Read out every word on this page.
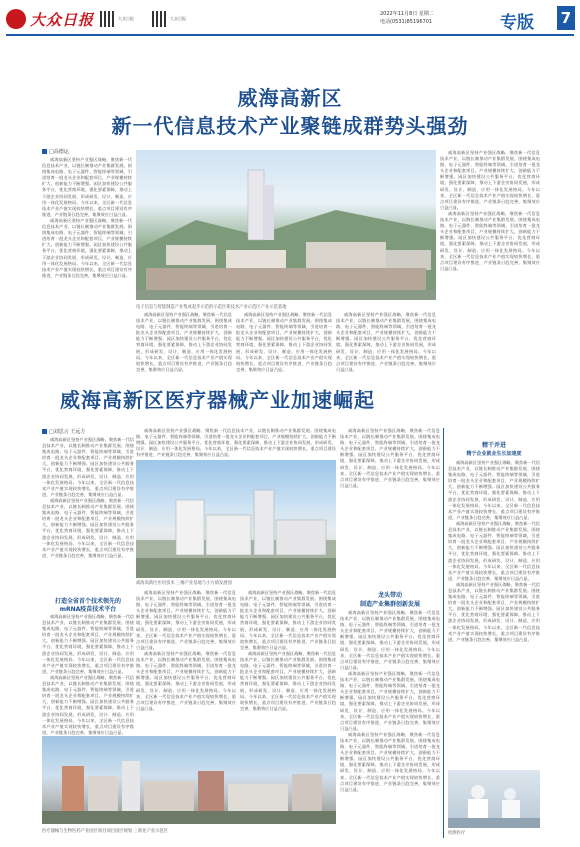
大众日报	大众日报	大众日报
2022年11月8日 星期二
电话(0531)85196701	专版 7
威海高新区
新一代信息技术产业聚链成群势头强劲
□高德运

威海高新区坚持产业强区战略，聚焦新一代信息技术产业，以链长制推动产业集群发展。围绕集成电路、电子元器件、智能终端等领域，引进培育一批龙头企业和配套项目，产业规模持续扩大，创新能力不断增强。园区加快建设公共服务平台，优化营商环境，强化要素保障，推动上下游企业协同发展，形成研发、设计、制造、应用一体化发展格局。今年以来，全区新一代信息技术产业产值实现较快增长，重点项目建设有序推进，产业链条日趋完善，集聚效应日益凸显。

威海高新区坚持产业强区战略，聚焦新一代信息技术产业，以链长制推动产业集群发展。围绕集成电路、电子元器件、智能终端等领域，引进培育一批龙头企业和配套项目，产业规模持续扩大，创新能力不断增强。园区加快建设公共服务平台，优化营商环境，强化要素保障，推动上下游企业协同发展，形成研发、设计、制造、应用一体化发展格局。今年以来，全区新一代信息技术产业产值实现较快增长，重点项目建设有序推进，产业链条日趋完善，集聚效应日益凸显。

电子信息与智能制造产业集成起步示范的示范区新技术产业示范区产业示范基地

威海高新区坚持产业强区战略，聚焦新一代信息技术产业，以链长制推动产业集群发展。围绕集成电路、电子元器件、智能终端等领域，引进培育一批龙头企业和配套项目，产业规模持续扩大，创新能力不断增强。园区加快建设公共服务平台，优化营商环境，强化要素保障，推动上下游企业协同发展，形成研发、设计、制造、应用一体化发展格局。今年以来，全区新一代信息技术产业产值实现较快增长，重点项目建设有序推进，产业链条日趋完善，集聚效应日益凸显。

威海高新区坚持产业强区战略，聚焦新一代信息技术产业，以链长制推动产业集群发展。围绕集成电路、电子元器件、智能终端等领域，引进培育一批龙头企业和配套项目，产业规模持续扩大，创新能力不断增强。园区加快建设公共服务平台，优化营商环境，强化要素保障，推动上下游企业协同发展，形成研发、设计、制造、应用一体化发展格局。今年以来，全区新一代信息技术产业产值实现较快增长，重点项目建设有序推进，产业链条日趋完善，集聚效应日益凸显。

威海高新区坚持产业强区战略，聚焦新一代信息技术产业，以链长制推动产业集群发展。围绕集成电路、电子元器件、智能终端等领域，引进培育一批龙头企业和配套项目，产业规模持续扩大，创新能力不断增强。园区加快建设公共服务平台，优化营商环境，强化要素保障，推动上下游企业协同发展，形成研发、设计、制造、应用一体化发展格局。今年以来，全区新一代信息技术产业产值实现较快增长，重点项目建设有序推进，产业链条日趋完善，集聚效应日益凸显。

威海高新区坚持产业强区战略，聚焦新一代信息技术产业，以链长制推动产业集群发展。围绕集成电路、电子元器件、智能终端等领域，引进培育一批龙头企业和配套项目，产业规模持续扩大，创新能力不断增强。园区加快建设公共服务平台，优化营商环境，强化要素保障，推动上下游企业协同发展，形成研发、设计、制造、应用一体化发展格局。今年以来，全区新一代信息技术产业产值实现较快增长，重点项目建设有序推进，产业链条日趋完善，集聚效应日益凸显。

威海高新区坚持产业强区战略，聚焦新一代信息技术产业，以链长制推动产业集群发展。围绕集成电路、电子元器件、智能终端等领域，引进培育一批龙头企业和配套项目，产业规模持续扩大，创新能力不断增强。园区加快建设公共服务平台，优化营商环境，强化要素保障，推动上下游企业协同发展，形成研发、设计、制造、应用一体化发展格局。今年以来，全区新一代信息技术产业产值实现较快增长，重点项目建设有序推进，产业链条日趋完善，集聚效应日益凸显。

威海高新区医疗器械产业加速崛起
□刘思言 王远方

威海高新区坚持产业强区战略，聚焦新一代信息技术产业，以链长制推动产业集群发展。围绕集成电路、电子元器件、智能终端等领域，引进培育一批龙头企业和配套项目，产业规模持续扩大，创新能力不断增强。园区加快建设公共服务平台，优化营商环境，强化要素保障，推动上下游企业协同发展，形成研发、设计、制造、应用一体化发展格局。今年以来，全区新一代信息技术产业产值实现较快增长，重点项目建设有序推进，产业链条日趋完善，集聚效应日益凸显。

威海高新区坚持产业强区战略，聚焦新一代信息技术产业，以链长制推动产业集群发展。围绕集成电路、电子元器件、智能终端等领域，引进培育一批龙头企业和配套项目，产业规模持续扩大，创新能力不断增强。园区加快建设公共服务平台，优化营商环境，强化要素保障，推动上下游企业协同发展，形成研发、设计、制造、应用一体化发展格局。今年以来，全区新一代信息技术产业产值实现较快增长，重点项目建设有序推进，产业链条日趋完善，集聚效应日益凸显。

威海高新区医用技术 三橡产业基地与小方镇发展园

威海高新区坚持产业强区战略，聚焦新一代信息技术产业，以链长制推动产业集群发展。围绕集成电路、电子元器件、智能终端等领域，引进培育一批龙头企业和配套项目，产业规模持续扩大，创新能力不断增强。园区加快建设公共服务平台，优化营商环境，强化要素保障，推动上下游企业协同发展，形成研发、设计、制造、应用一体化发展格局。今年以来，全区新一代信息技术产业产值实现较快增长，重点项目建设有序推进，产业链条日趋完善，集聚效应日益凸显。

威海高新区坚持产业强区战略，聚焦新一代信息技术产业，以链长制推动产业集群发展。围绕集成电路、电子元器件、智能终端等领域，引进培育一批龙头企业和配套项目，产业规模持续扩大，创新能力不断增强。园区加快建设公共服务平台，优化营商环境，强化要素保障，推动上下游企业协同发展，形成研发、设计、制造、应用一体化发展格局。今年以来，全区新一代信息技术产业产值实现较快增长，重点项目建设有序推进，产业链条日趋完善，集聚效应日益凸显。

打造全省首个技术领先的
mRNA疫苗技术平台

威海高新区坚持产业强区战略，聚焦新一代信息技术产业，以链长制推动产业集群发展。围绕集成电路、电子元器件、智能终端等领域，引进培育一批龙头企业和配套项目，产业规模持续扩大，创新能力不断增强。园区加快建设公共服务平台，优化营商环境，强化要素保障，推动上下游企业协同发展，形成研发、设计、制造、应用一体化发展格局。今年以来，全区新一代信息技术产业产值实现较快增长，重点项目建设有序推进，产业链条日趋完善，集聚效应日益凸显。

威海高新区坚持产业强区战略，聚焦新一代信息技术产业，以链长制推动产业集群发展。围绕集成电路、电子元器件、智能终端等领域，引进培育一批龙头企业和配套项目，产业规模持续扩大，创新能力不断增强。园区加快建设公共服务平台，优化营商环境，强化要素保障，推动上下游企业协同发展，形成研发、设计、制造、应用一体化发展格局。今年以来，全区新一代信息技术产业产值实现较快增长，重点项目建设有序推进，产业链条日趋完善，集聚效应日益凸显。

威海高新区坚持产业强区战略，聚焦新一代信息技术产业，以链长制推动产业集群发展。围绕集成电路、电子元器件、智能终端等领域，引进培育一批龙头企业和配套项目，产业规模持续扩大，创新能力不断增强。园区加快建设公共服务平台，优化营商环境，强化要素保障，推动上下游企业协同发展，形成研发、设计、制造、应用一体化发展格局。今年以来，全区新一代信息技术产业产值实现较快增长，重点项目建设有序推进，产业链条日趋完善，集聚效应日益凸显。

威海高新区坚持产业强区战略，聚焦新一代信息技术产业，以链长制推动产业集群发展。围绕集成电路、电子元器件、智能终端等领域，引进培育一批龙头企业和配套项目，产业规模持续扩大，创新能力不断增强。园区加快建设公共服务平台，优化营商环境，强化要素保障，推动上下游企业协同发展，形成研发、设计、制造、应用一体化发展格局。今年以来，全区新一代信息技术产业产值实现较快增长，重点项目建设有序推进，产业链条日趋完善，集聚效应日益凸显。

威海高新区坚持产业强区战略，聚焦新一代信息技术产业，以链长制推动产业集群发展。围绕集成电路、电子元器件、智能终端等领域，引进培育一批龙头企业和配套项目，产业规模持续扩大，创新能力不断增强。园区加快建设公共服务平台，优化营商环境，强化要素保障，推动上下游企业协同发展，形成研发、设计、制造、应用一体化发展格局。今年以来，全区新一代信息技术产业产值实现较快增长，重点项目建设有序推进，产业链条日趋完善，集聚效应日益凸显。

威海高新区坚持产业强区战略，聚焦新一代信息技术产业，以链长制推动产业集群发展。围绕集成电路、电子元器件、智能终端等领域，引进培育一批龙头企业和配套项目，产业规模持续扩大，创新能力不断增强。园区加快建设公共服务平台，优化营商环境，强化要素保障，推动上下游企业协同发展，形成研发、设计、制造、应用一体化发展格局。今年以来，全区新一代信息技术产业产值实现较快增长，重点项目建设有序推进，产业链条日趋完善，集聚效应日益凸显。

龙头带动
制造产业集群创新发展

威海高新区坚持产业强区战略，聚焦新一代信息技术产业，以链长制推动产业集群发展。围绕集成电路、电子元器件、智能终端等领域，引进培育一批龙头企业和配套项目，产业规模持续扩大，创新能力不断增强。园区加快建设公共服务平台，优化营商环境，强化要素保障，推动上下游企业协同发展，形成研发、设计、制造、应用一体化发展格局。今年以来，全区新一代信息技术产业产值实现较快增长，重点项目建设有序推进，产业链条日趋完善，集聚效应日益凸显。

威海高新区坚持产业强区战略，聚焦新一代信息技术产业，以链长制推动产业集群发展。围绕集成电路、电子元器件、智能终端等领域，引进培育一批龙头企业和配套项目，产业规模持续扩大，创新能力不断增强。园区加快建设公共服务平台，优化营商环境，强化要素保障，推动上下游企业协同发展，形成研发、设计、制造、应用一体化发展格局。今年以来，全区新一代信息技术产业产值实现较快增长，重点项目建设有序推进，产业链条日趋完善，集聚效应日益凸显。

威海高新区坚持产业强区战略，聚焦新一代信息技术产业，以链长制推动产业集群发展。围绕集成电路、电子元器件、智能终端等领域，引进培育一批龙头企业和配套项目，产业规模持续扩大，创新能力不断增强。园区加快建设公共服务平台，优化营商环境，强化要素保障，推动上下游企业协同发展，形成研发、设计、制造、应用一体化发展格局。今年以来，全区新一代信息技术产业产值实现较快增长，重点项目建设有序推进，产业链条日趋完善，集聚效应日益凸显。

精干并进
精于企业就业生长加速度

威海高新区坚持产业强区战略，聚焦新一代信息技术产业，以链长制推动产业集群发展。围绕集成电路、电子元器件、智能终端等领域，引进培育一批龙头企业和配套项目，产业规模持续扩大，创新能力不断增强。园区加快建设公共服务平台，优化营商环境，强化要素保障，推动上下游企业协同发展，形成研发、设计、制造、应用一体化发展格局。今年以来，全区新一代信息技术产业产值实现较快增长，重点项目建设有序推进，产业链条日趋完善，集聚效应日益凸显。

威海高新区坚持产业强区战略，聚焦新一代信息技术产业，以链长制推动产业集群发展。围绕集成电路、电子元器件、智能终端等领域，引进培育一批龙头企业和配套项目，产业规模持续扩大，创新能力不断增强。园区加快建设公共服务平台，优化营商环境，强化要素保障，推动上下游企业协同发展，形成研发、设计、制造、应用一体化发展格局。今年以来，全区新一代信息技术产业产值实现较快增长，重点项目建设有序推进，产业链条日趋完善，集聚效应日益凸显。

威海高新区坚持产业强区战略，聚焦新一代信息技术产业，以链长制推动产业集群发展。围绕集成电路、电子元器件、智能终端等领域，引进培育一批龙头企业和配套项目，产业规模持续扩大，创新能力不断增强。园区加快建设公共服务平台，优化营商环境，强化要素保障，推动上下游企业协同发展，形成研发、设计、制造、应用一体化发展格局。今年以来，全区新一代信息技术产业产值实现较快增长，重点项目建设有序推进，产业链条日趋完善，集聚效应日益凸显。

检测医疗
医疗器械与生物医药产业园区项目项目园区规划 三新化产业示范区
